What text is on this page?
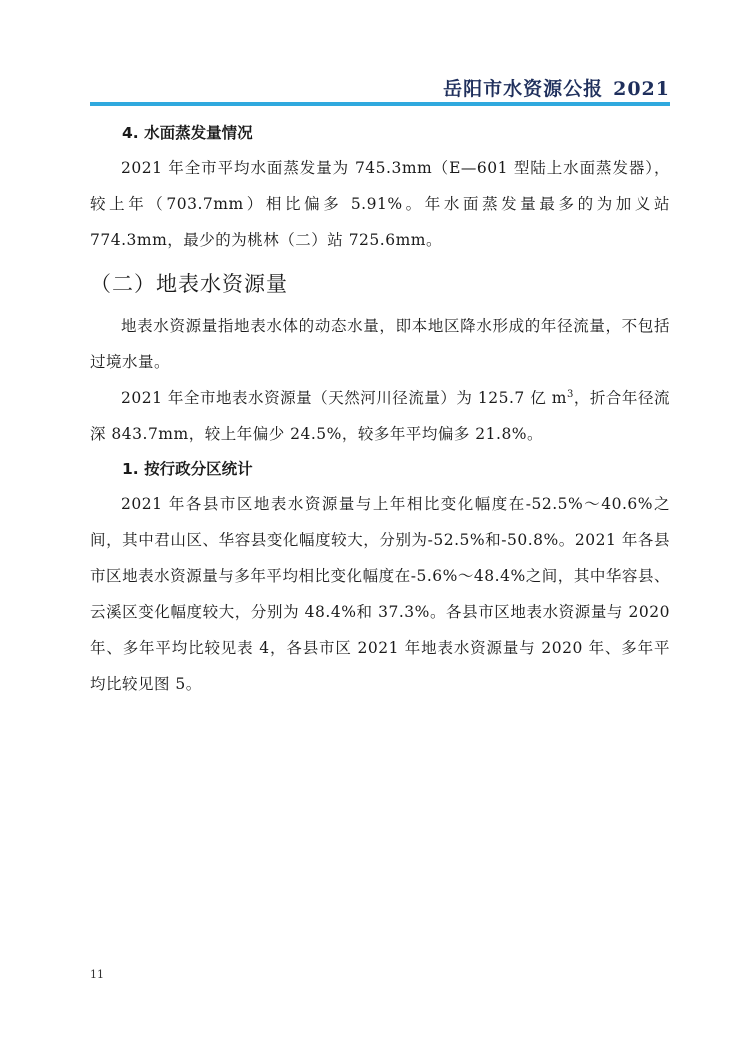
岳阳市水资源公报 2021
4. 水面蒸发量情况

2021 年全市平均水面蒸发量为 745.3mm（E—601 型陆上水面蒸发器），较上年（703.7mm）相比偏多 5.91%。年水面蒸发量最多的为加义站 774.3mm，最少的为桃林（二）站 725.6mm。

（二）地表水资源量

地表水资源量指地表水体的动态水量，即本地区降水形成的年径流量，不包括过境水量。

2021 年全市地表水资源量（天然河川径流量）为 125.7 亿 $m^3$，折合年径流深 843.7mm，较上年偏少 24.5%，较多年平均偏多 21.8%。

1. 按行政分区统计

2021 年各县市区地表水资源量与上年相比变化幅度在-52.5%～40.6%之间，其中君山区、华容县变化幅度较大，分别为-52.5%和-50.8%。2021 年各县市区地表水资源量与多年平均相比变化幅度在-5.6%～48.4%之间，其中华容县、云溪区变化幅度较大，分别为 48.4%和 37.3%。各县市区地表水资源量与 2020 年、多年平均比较见表 4，各县市区 2021 年地表水资源量与 2020 年、多年平均比较见图 5。

11
